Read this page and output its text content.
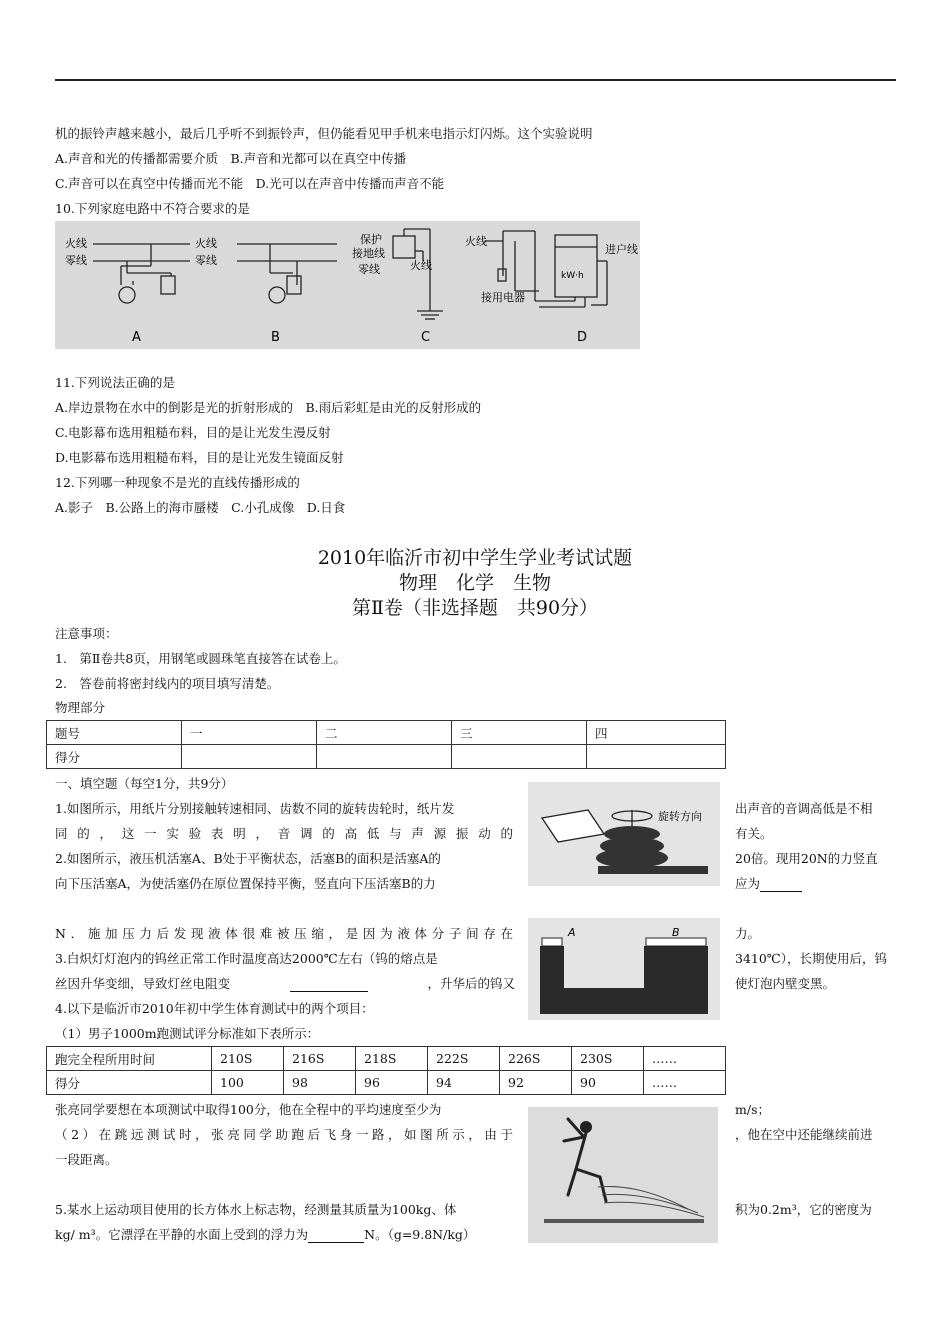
机的振铃声越来越小，最后几乎听不到振铃声，但仍能看见甲手机来电指示灯闪烁。这个实验说明
A.声音和光的传播都需要介质　B.声音和光都可以在真空中传播
C.声音可以在真空中传播而光不能　D.光可以在声音中传播而声音不能
10.下列家庭电路中不符合要求的是
火线
零线
火线
零线
保护
接地线
零线	火线
火线
kW·h
进户线
接用电器
A	B	C	D
11.下列说法正确的是
A.岸边景物在水中的倒影是光的折射形成的　B.雨后彩虹是由光的反射形成的
C.电影幕布选用粗糙布料，目的是让光发生漫反射
D.电影幕布选用粗糙布料，目的是让光发生镜面反射
12.下列哪一种现象不是光的直线传播形成的
A.影子　B.公路上的海市蜃楼　C.小孔成像　D.日食
2010年临沂市初中学生学业考试试题
物理　化学　生物
第Ⅱ卷（非选择题　共90分）
注意事项：
1.　第Ⅱ卷共8页，用钢笔或圆珠笔直接答在试卷上。
2.　答卷前将密封线内的项目填写清楚。
物理部分
题号	一	二	三	四
得分				
一、填空题（每空1分，共9分）
1.如图所示，用纸片分别接触转速相同、齿数不同的旋转齿轮时，纸片发
同的，这一实验表明，音调的高低与声源振动的
出声音的音调高低是不相
有关。
旋转方向
2.如图所示，液压机活塞A、B处于平衡状态，活塞B的面积是活塞A的
向下压活塞A，为使活塞仍在原位置保持平衡，竖直向下压活塞B的力
20倍。现用20N的力竖直
应为
N．施加压力后发现液体很难被压缩，是因为液体分子间存在	力。
A	B
3.白炽灯灯泡内的钨丝正常工作时温度高达2000℃左右（钨的熔点是	3410℃），长期使用后，钨
丝因升华变细，导致灯丝电阻变	，升华后的钨又	使灯泡内壁变黑。
4.以下是临沂市2010年初中学生体育测试中的两个项目：
（1）男子1000m跑测试评分标准如下表所示：
跑完全程所用时间	210S	216S	218S	222S	226S	230S	……
得分	100	98	96	94	92	90	……
张亮同学要想在本项测试中取得100分，他在全程中的平均速度至少为	m/s；
（2）在跳远测试时，张亮同学助跑后飞身一路，如图所示，由于	，他在空中还能继续前进
一段距离。
5.某水上运动项目使用的长方体水上标志物，经测量其质量为100kg、体	积为0.2m³，它的密度为
kg/ m³。它漂浮在平静的水面上受到的浮力为	N。（g=9.8N/kg）
